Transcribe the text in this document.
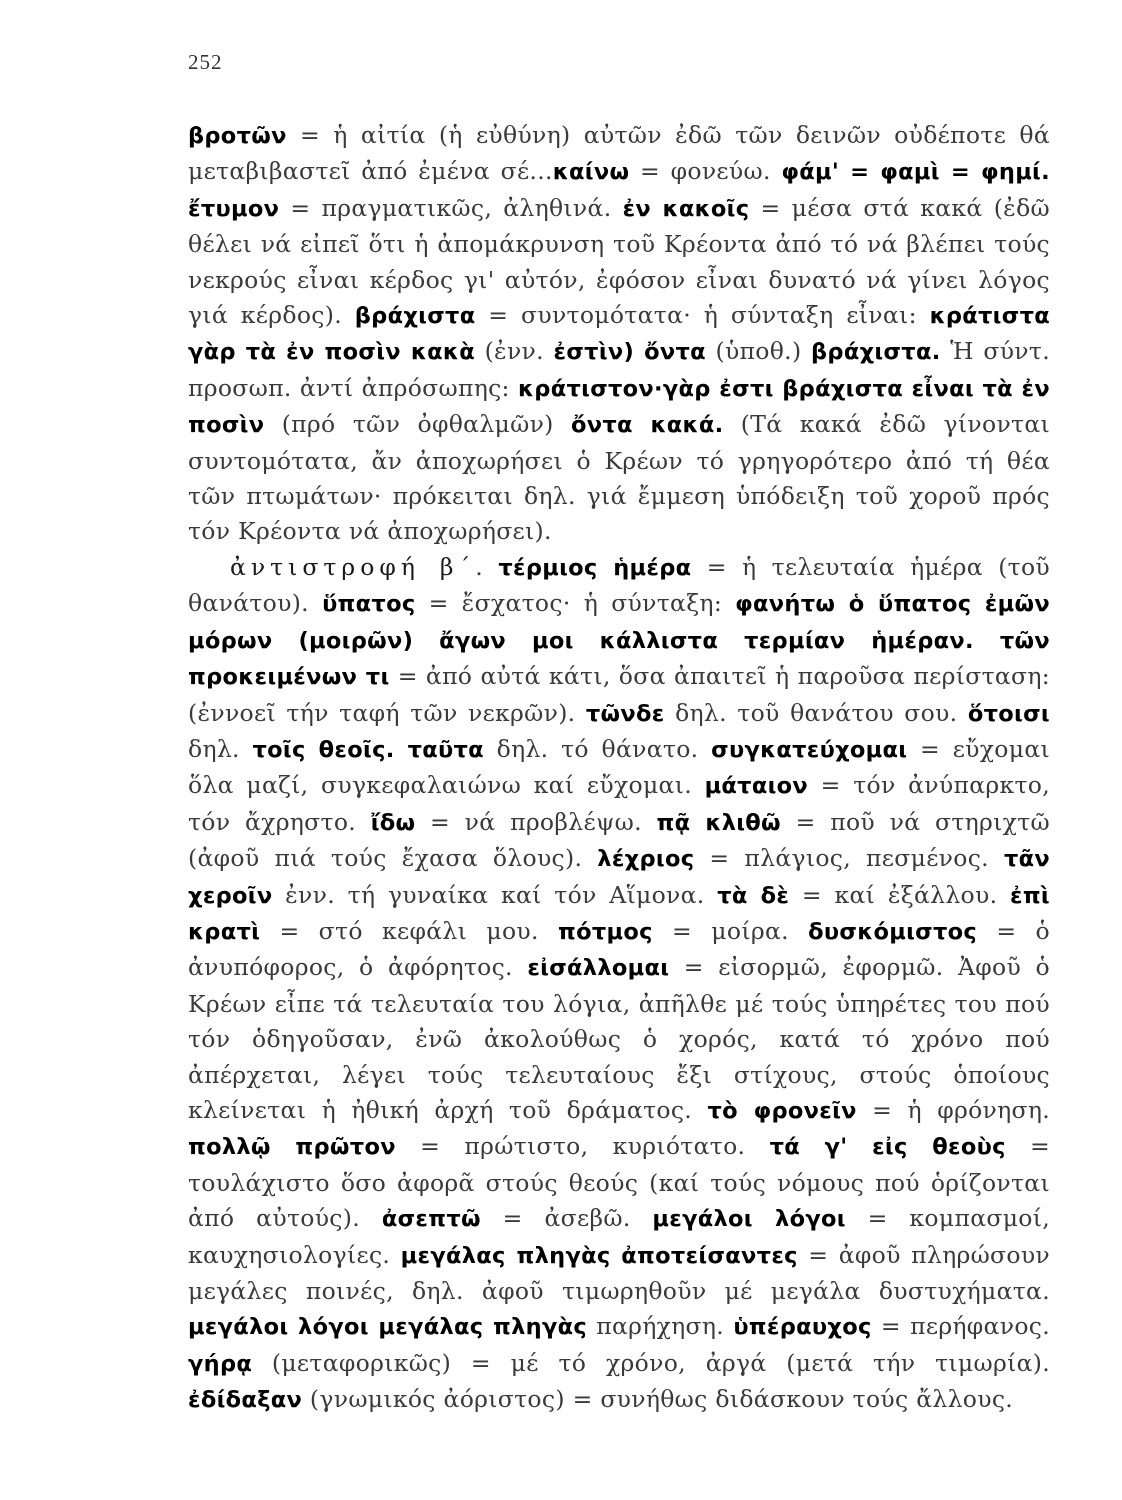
252

βροτῶν = ἡ αἰτία (ἡ εὐθύνη) αὐτῶν ἐδῶ τῶν δεινῶν οὐδέποτε θά μεταβιβαστεῖ ἀπό ἐμένα σέ...καίνω = φονεύω. φάμ' = φαμὶ = φημί. ἔτυμον = πραγματικῶς, ἀληθινά. ἐν κακοῖς = μέσα στά κακά (ἐδῶ θέλει νά εἰπεῖ ὅτι ἡ ἀπομάκρυνση τοῦ Κρέοντα ἀπό τό νά βλέπει τούς νεκρούς εἶναι κέρδος γι' αὐτόν, ἐφόσον εἶναι δυνατό νά γίνει λόγος γιά κέρδος). βράχιστα = συντομότατα· ἡ σύνταξη εἶναι: κράτιστα γὰρ τὰ ἐν ποσὶν κακὰ (ἐνν. ἐστὶν) ὄντα (ὑποθ.) βράχιστα. Ἡ σύντ. προσωπ. ἀντί ἀπρόσωπης: κράτιστον·γὰρ ἐστι βράχιστα εἶναι τὰ ἐν ποσὶν (πρό τῶν ὀφθαλμῶν) ὄντα κακά. (Τά κακά ἐδῶ γίνονται συντομότατα, ἄν ἀποχωρήσει ὁ Κρέων τό γρηγορότερο ἀπό τή θέα τῶν πτωμάτων· πρόκειται δηλ. γιά ἔμμεση ὑπόδειξη τοῦ χοροῦ πρός τόν Κρέοντα νά ἀποχωρήσει).

ἀντιστροφή β´. τέρμιος ἡμέρα = ἡ τελευταία ἡμέρα (τοῦ θανάτου). ὕπατος = ἔσχατος· ἡ σύνταξη: φανήτω ὁ ὕπατος ἐμῶν μόρων (μοιρῶν) ἄγων μοι κάλλιστα τερμίαν ἡμέραν. τῶν προκειμένων τι = ἀπό αὐτά κάτι, ὅσα ἀπαιτεῖ ἡ παροῦσα περίσταση: (ἐννοεῖ τήν ταφή τῶν νεκρῶν). τῶνδε δηλ. τοῦ θανάτου σου. ὅτοισι δηλ. τοῖς θεοῖς. ταῦτα δηλ. τό θάνατο. συγκατεύχομαι = εὔχομαι ὅλα μαζί, συγκεφαλαιώνω καί εὔχομαι. μάταιον = τόν ἀνύπαρκτο, τόν ἄχρηστο. ἴδω = νά προβλέψω. πᾷ κλιθῶ = ποῦ νά στηριχτῶ (ἀφοῦ πιά τούς ἔχασα ὅλους). λέχριος = πλάγιος, πεσμένος. τᾶν χεροῖν ἐνν. τή γυναίκα καί τόν Αἵμονα. τὰ δὲ = καί ἐξάλλου. ἐπὶ κρατὶ = στό κεφάλι μου. πότμος = μοίρα. δυσκόμιστος = ὁ ἀνυπόφορος, ὁ ἀφόρητος. εἰσάλλομαι = εἰσορμῶ, ἐφορμῶ. Ἀφοῦ ὁ Κρέων εἶπε τά τελευταία του λόγια, ἀπῆλθε μέ τούς ὑπηρέτες του πού τόν ὁδηγοῦσαν, ἐνῶ ἀκολούθως ὁ χορός, κατά τό χρόνο πού ἀπέρχεται, λέγει τούς τελευταίους ἔξι στίχους, στούς ὁποίους κλείνεται ἡ ἠθική ἀρχή τοῦ δράματος. τὸ φρονεῖν = ἡ φρόνηση. πολλῷ πρῶτον = πρώτιστο, κυριότατο. τά γ' εἰς θεοὺς = τουλάχιστο ὅσο ἀφορᾶ στούς θεούς (καί τούς νόμους πού ὁρίζονται ἀπό αὐτούς). ἀσεπτῶ = ἀσεβῶ. μεγάλοι λόγοι = κομπασμοί, καυχησιολογίες. μεγάλας πληγὰς ἀποτείσαντες = ἀφοῦ πληρώσουν μεγάλες ποινές, δηλ. ἀφοῦ τιμωρηθοῦν μέ μεγάλα δυστυχήματα. μεγάλοι λόγοι μεγάλας πληγὰς παρήχηση. ὑπέραυχος = περήφανος. γήρᾳ (μεταφορικῶς) = μέ τό χρόνο, ἀργά (μετά τήν τιμωρία). ἐδίδαξαν (γνωμικός ἀόριστος) = συνήθως διδάσκουν τούς ἄλλους.
